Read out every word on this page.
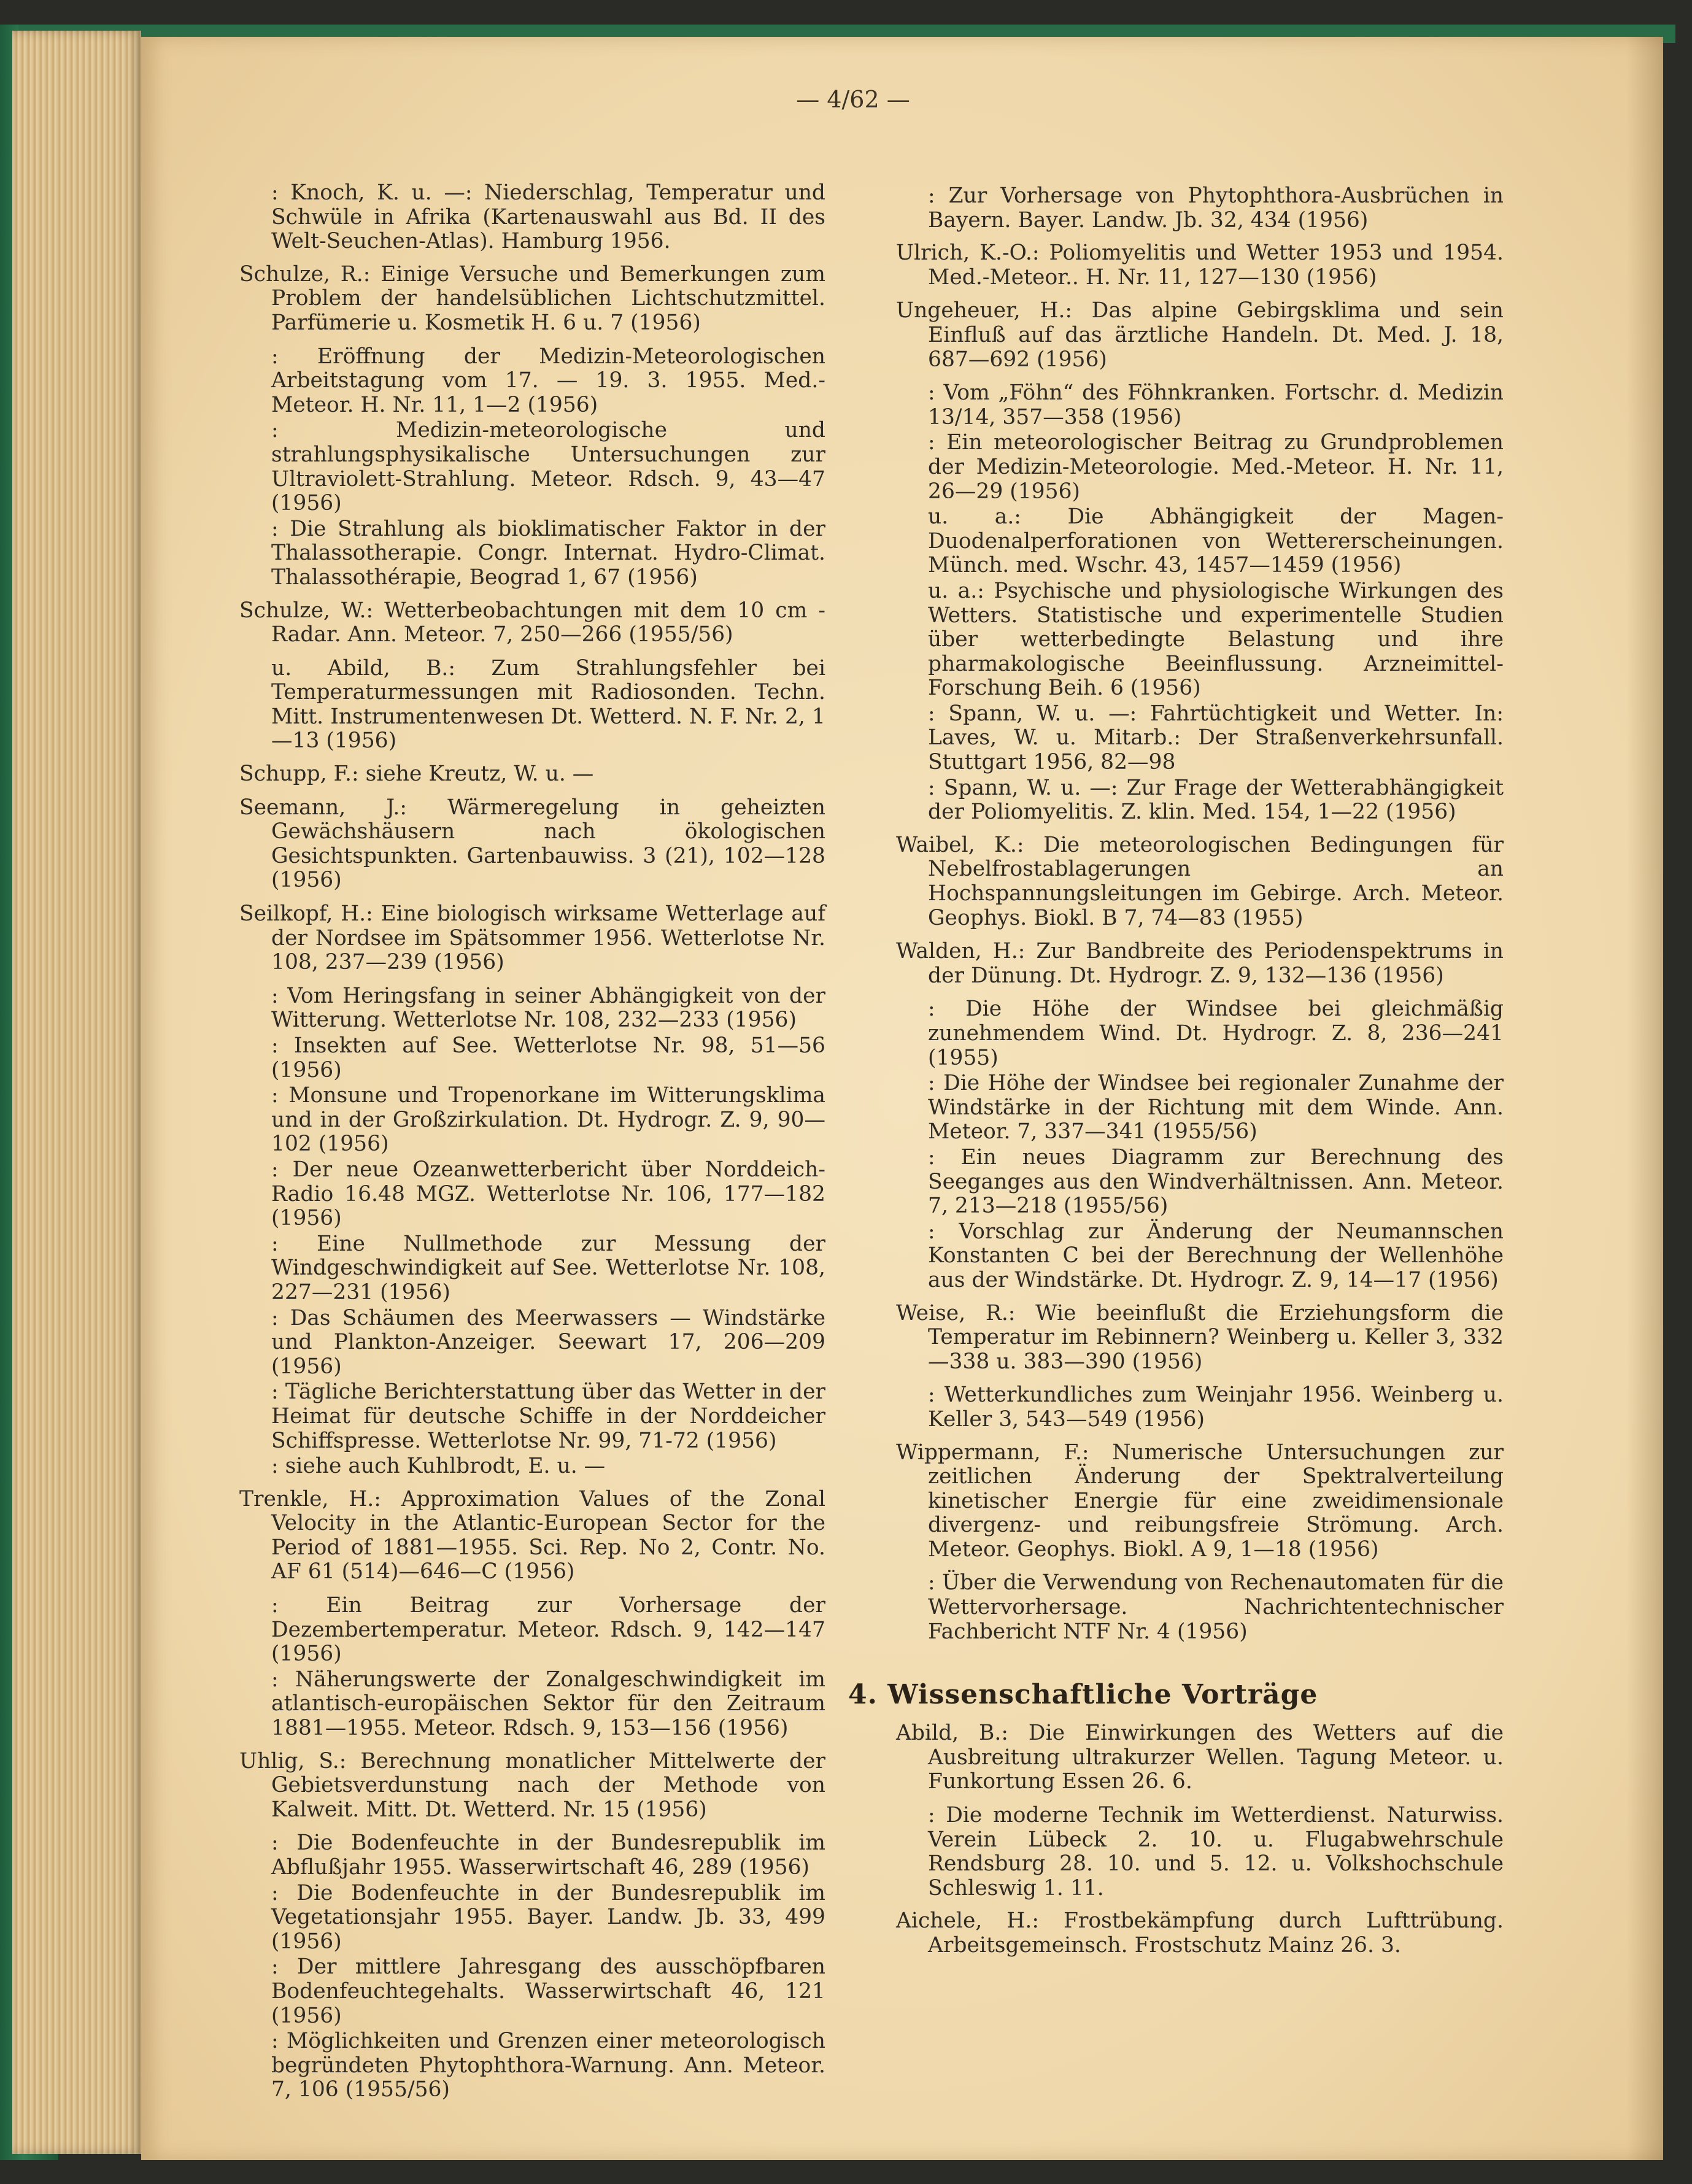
— 4/62 —

: Knoch, K. u. —: Niederschlag, Temperatur und Schwüle in Afrika (Kartenauswahl aus Bd. II des Welt-Seuchen-Atlas). Hamburg 1956.

Schulze, R.: Einige Versuche und Bemerkungen zum Problem der handelsüblichen Lichtschutzmittel. Parfümerie u. Kosmetik H. 6 u. 7 (1956)

: Eröffnung der Medizin-Meteorologischen Arbeitstagung vom 17. — 19. 3. 1955. Med.-Meteor. H. Nr. 11, 1—2 (1956)

: Medizin-meteorologische und strahlungsphysikalische Untersuchungen zur Ultraviolett-Strahlung. Meteor. Rdsch. 9, 43—47 (1956)

: Die Strahlung als bioklimatischer Faktor in der Thalassotherapie. Congr. Internat. Hydro-Climat. Thalassothérapie, Beograd 1, 67 (1956)

Schulze, W.: Wetterbeobachtungen mit dem 10 cm - Radar. Ann. Meteor. 7, 250—266 (1955/56)

u. Abild, B.: Zum Strahlungsfehler bei Temperaturmessungen mit Radiosonden. Techn. Mitt. Instrumentenwesen Dt. Wetterd. N. F. Nr. 2, 1—13 (1956)

Schupp, F.: siehe Kreutz, W. u. —

Seemann, J.: Wärmeregelung in geheizten Gewächshäusern nach ökologischen Gesichtspunkten. Gartenbauwiss. 3 (21), 102—128 (1956)

Seilkopf, H.: Eine biologisch wirksame Wetterlage auf der Nordsee im Spätsommer 1956. Wetterlotse Nr. 108, 237—239 (1956)

: Vom Heringsfang in seiner Abhängigkeit von der Witterung. Wetterlotse Nr. 108, 232—233 (1956)

: Insekten auf See. Wetterlotse Nr. 98, 51—56 (1956)

: Monsune und Tropenorkane im Witterungsklima und in der Großzirkulation. Dt. Hydrogr. Z. 9, 90—102 (1956)

: Der neue Ozeanwetterbericht über Norddeich-Radio 16.48 MGZ. Wetterlotse Nr. 106, 177—182 (1956)

: Eine Nullmethode zur Messung der Windgeschwindigkeit auf See. Wetterlotse Nr. 108, 227—231 (1956)

: Das Schäumen des Meerwassers — Windstärke und Plankton-Anzeiger. Seewart 17, 206—209 (1956)

: Tägliche Berichterstattung über das Wetter in der Heimat für deutsche Schiffe in der Norddeicher Schiffspresse. Wetterlotse Nr. 99, 71-72 (1956)

: siehe auch Kuhlbrodt, E. u. —

Trenkle, H.: Approximation Values of the Zonal Velocity in the Atlantic-European Sector for the Period of 1881—1955. Sci. Rep. No 2, Contr. No. AF 61 (514)—646—C (1956)

: Ein Beitrag zur Vorhersage der Dezembertemperatur. Meteor. Rdsch. 9, 142—147 (1956)

: Näherungswerte der Zonalgeschwindigkeit im atlantisch-europäischen Sektor für den Zeitraum 1881—1955. Meteor. Rdsch. 9, 153—156 (1956)

Uhlig, S.: Berechnung monatlicher Mittelwerte der Gebietsverdunstung nach der Methode von Kalweit. Mitt. Dt. Wetterd. Nr. 15 (1956)

: Die Bodenfeuchte in der Bundesrepublik im Abflußjahr 1955. Wasserwirtschaft 46, 289 (1956)

: Die Bodenfeuchte in der Bundesrepublik im Vegetationsjahr 1955. Bayer. Landw. Jb. 33, 499 (1956)

: Der mittlere Jahresgang des ausschöpfbaren Bodenfeuchtegehalts. Wasserwirtschaft 46, 121 (1956)

: Möglichkeiten und Grenzen einer meteorologisch begründeten Phytophthora-Warnung. Ann. Meteor. 7, 106 (1955/56)

: Zur Vorhersage von Phytophthora-Ausbrüchen in Bayern. Bayer. Landw. Jb. 32, 434 (1956)

Ulrich, K.-O.: Poliomyelitis und Wetter 1953 und 1954. Med.-Meteor.. H. Nr. 11, 127—130 (1956)

Ungeheuer, H.: Das alpine Gebirgsklima und sein Einfluß auf das ärztliche Handeln. Dt. Med. J. 18, 687—692 (1956)

: Vom „Föhn“ des Föhnkranken. Fortschr. d. Medizin 13/14, 357—358 (1956)

: Ein meteorologischer Beitrag zu Grundproblemen der Medizin-Meteorologie. Med.-Meteor. H. Nr. 11, 26—29 (1956)

u. a.: Die Abhängigkeit der Magen-Duodenalperforationen von Wettererscheinungen. Münch. med. Wschr. 43, 1457—1459 (1956)

u. a.: Psychische und physiologische Wirkungen des Wetters. Statistische und experimentelle Studien über wetterbedingte Belastung und ihre pharmakologische Beeinflussung. Arzneimittel-Forschung Beih. 6 (1956)

: Spann, W. u. —: Fahrtüchtigkeit und Wetter. In: Laves, W. u. Mitarb.: Der Straßenverkehrsunfall. Stuttgart 1956, 82—98

: Spann, W. u. —: Zur Frage der Wetterabhängigkeit der Poliomyelitis. Z. klin. Med. 154, 1—22 (1956)

Waibel, K.: Die meteorologischen Bedingungen für Nebelfrostablagerungen an Hochspannungsleitungen im Gebirge. Arch. Meteor. Geophys. Biokl. B 7, 74—83 (1955)

Walden, H.: Zur Bandbreite des Periodenspektrums in der Dünung. Dt. Hydrogr. Z. 9, 132—136 (1956)

: Die Höhe der Windsee bei gleichmäßig zunehmendem Wind. Dt. Hydrogr. Z. 8, 236—241 (1955)

: Die Höhe der Windsee bei regionaler Zunahme der Windstärke in der Richtung mit dem Winde. Ann. Meteor. 7, 337—341 (1955/56)

: Ein neues Diagramm zur Berechnung des Seeganges aus den Windverhältnissen. Ann. Meteor. 7, 213—218 (1955/56)

: Vorschlag zur Änderung der Neumannschen Konstanten C bei der Berechnung der Wellenhöhe aus der Windstärke. Dt. Hydrogr. Z. 9, 14—17 (1956)

Weise, R.: Wie beeinflußt die Erziehungsform die Temperatur im Rebinnern? Weinberg u. Keller 3, 332—338 u. 383—390 (1956)

: Wetterkundliches zum Weinjahr 1956. Weinberg u. Keller 3, 543—549 (1956)

Wippermann, F.: Numerische Untersuchungen zur zeitlichen Änderung der Spektralverteilung kinetischer Energie für eine zweidimensionale divergenz- und reibungsfreie Strömung. Arch. Meteor. Geophys. Biokl. A 9, 1—18 (1956)

: Über die Verwendung von Rechenautomaten für die Wettervorhersage. Nachrichtentechnischer Fachbericht NTF Nr. 4 (1956)

4. Wissenschaftliche Vorträge

Abild, B.: Die Einwirkungen des Wetters auf die Ausbreitung ultrakurzer Wellen. Tagung Meteor. u. Funkortung Essen 26. 6.

: Die moderne Technik im Wetterdienst. Naturwiss. Verein Lübeck 2. 10. u. Flugabwehrschule Rendsburg 28. 10. und 5. 12. u. Volkshochschule Schleswig 1. 11.

Aichele, H.: Frostbekämpfung durch Lufttrübung. Arbeitsgemeinsch. Frostschutz Mainz 26. 3.
